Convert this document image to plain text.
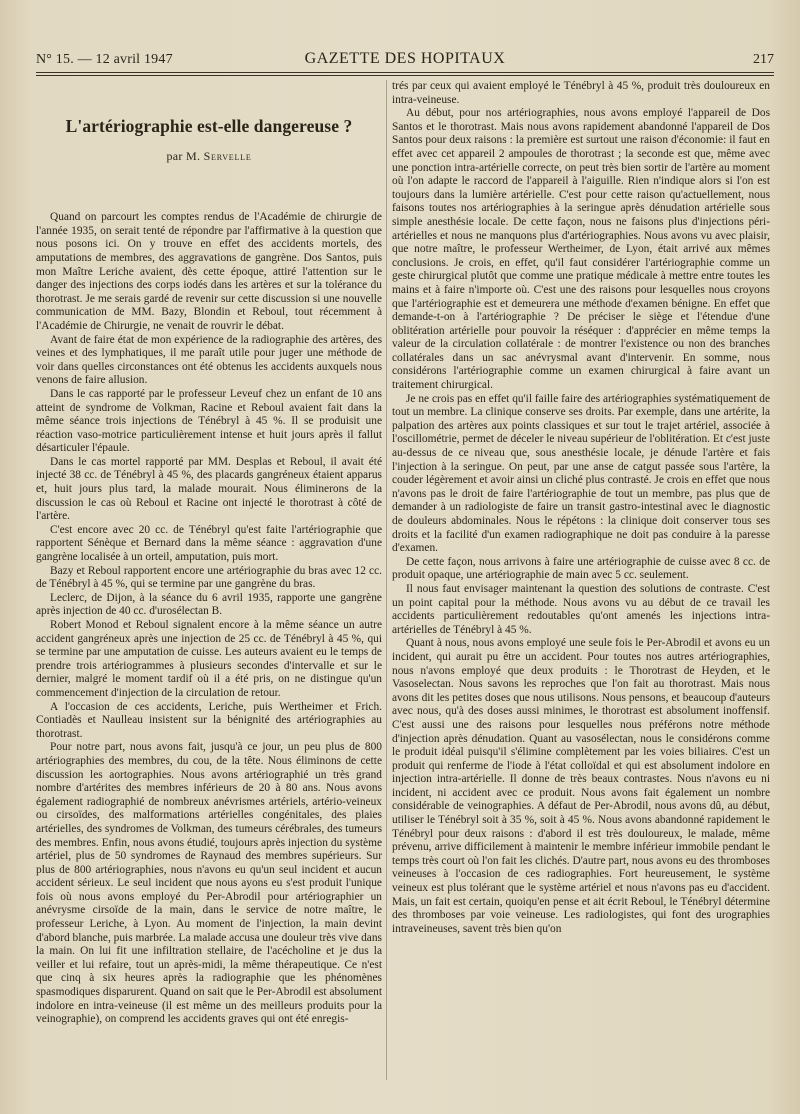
N° 15. — 12 avril 1947	GAZETTE DES HOPITAUX	217
L'artériographie est-elle dangereuse ?
par M. Servelle

Quand on parcourt les comptes rendus de l'Académie de chirurgie de l'année 1935, on serait tenté de répondre par l'affirmative à la question que nous posons ici. On y trouve en effet des accidents mortels, des amputations de membres, des aggravations de gangrène. Dos Santos, puis mon Maître Leriche avaient, dès cette époque, attiré l'attention sur le danger des injections des corps iodés dans les artères et sur la tolérance du thorotrast. Je me serais gardé de revenir sur cette discussion si une nouvelle communication de MM. Bazy, Blondin et Reboul, tout récemment à l'Académie de Chirurgie, ne venait de rouvrir le débat.

Avant de faire état de mon expérience de la radiographie des artères, des veines et des lymphatiques, il me paraît utile pour juger une méthode de voir dans quelles circonstances ont été obtenus les accidents auxquels nous venons de faire allusion.

Dans le cas rapporté par le professeur Leveuf chez un enfant de 10 ans atteint de syndrome de Volkman, Racine et Reboul avaient fait dans la même séance trois injections de Ténébryl à 45 %. Il se produisit une réaction vaso-motrice particulièrement intense et huit jours après il fallut désarticuler l'épaule.

Dans le cas mortel rapporté par MM. Desplas et Reboul, il avait été injecté 38 cc. de Ténébryl à 45 %, des placards gangréneux étaient apparus et, huit jours plus tard, la malade mourait. Nous éliminerons de la discussion le cas où Reboul et Racine ont injecté le thorotrast à côté de l'artère.

C'est encore avec 20 cc. de Ténébryl qu'est faite l'artériographie que rapportent Sénèque et Bernard dans la même séance : aggravation d'une gangrène localisée à un orteil, amputation, puis mort.

Bazy et Reboul rapportent encore une artériographie du bras avec 12 cc. de Ténébryl à 45 %, qui se termine par une gangrène du bras.

Leclerc, de Dijon, à la séance du 6 avril 1935, rapporte une gangrène après injection de 40 cc. d'urosélectan B.

Robert Monod et Reboul signalent encore à la même séance un autre accident gangréneux après une injection de 25 cc. de Ténébryl à 45 %, qui se termine par une amputation de cuisse. Les auteurs avaient eu le temps de prendre trois artériogrammes à plusieurs secondes d'intervalle et sur le dernier, malgré le moment tardif où il a été pris, on ne distingue qu'un commencement d'injection de la circulation de retour.

A l'occasion de ces accidents, Leriche, puis Wertheimer et Frich. Contiadès et Naulleau insistent sur la bénignité des artériographies au thorotrast.

Pour notre part, nous avons fait, jusqu'à ce jour, un peu plus de 800 artériographies des membres, du cou, de la tête. Nous éliminons de cette discussion les aortographies. Nous avons artériographié un très grand nombre d'artérites des membres inférieurs de 20 à 80 ans. Nous avons également radiographié de nombreux anévrismes artériels, artério-veineux ou cirsoïdes, des malformations artérielles congénitales, des plaies artérielles, des syndromes de Volkman, des tumeurs cérébrales, des tumeurs des membres. Enfin, nous avons étudié, toujours après injection du système artériel, plus de 50 syndromes de Raynaud des membres supérieurs. Sur plus de 800 artériographies, nous n'avons eu qu'un seul incident et aucun accident sérieux. Le seul incident que nous ayons eu s'est produit l'unique fois où nous avons employé du Per-Abrodil pour artériographier un anévrysme cirsoïde de la main, dans le service de notre maître, le professeur Leriche, à Lyon. Au moment de l'injection, la main devint d'abord blanche, puis marbrée. La malade accusa une douleur très vive dans la main. On lui fit une infiltration stellaire, de l'acécholine et je dus la veiller et lui refaire, tout un après-midi, la même thérapeutique. Ce n'est que cinq à six heures après la radiographie que les phénomènes spasmodiques disparurent. Quand on sait que le Per-Abrodil est absolument indolore en intra-veineuse (il est même un des meilleurs produits pour la veinographie), on comprend les accidents graves qui ont été enregis-

trés par ceux qui avaient employé le Ténébryl à 45 %, produit très douloureux en intra-veineuse.

Au début, pour nos artériographies, nous avons employé l'appareil de Dos Santos et le thorotrast. Mais nous avons rapidement abandonné l'appareil de Dos Santos pour deux raisons : la première est surtout une raison d'économie: il faut en effet avec cet appareil 2 ampoules de thorotrast ; la seconde est que, même avec une ponction intra-artérielle correcte, on peut très bien sortir de l'artère au moment où l'on adapte le raccord de l'appareil à l'aiguille. Rien n'indique alors si l'on est toujours dans la lumière artérielle. C'est pour cette raison qu'actuellement, nous faisons toutes nos artériographies à la seringue après dénudation artérielle sous simple anesthésie locale. De cette façon, nous ne faisons plus d'injections péri-artérielles et nous ne manquons plus d'artériographies. Nous avons vu avec plaisir, que notre maître, le professeur Wertheimer, de Lyon, était arrivé aux mêmes conclusions. Je crois, en effet, qu'il faut considérer l'artériographie comme un geste chirurgical plutôt que comme une pratique médicale à mettre entre toutes les mains et à faire n'importe où. C'est une des raisons pour lesquelles nous croyons que l'artériographie est et demeurera une méthode d'examen bénigne. En effet que demande-t-on à l'artériographie ? De préciser le siège et l'étendue d'une oblitération artérielle pour pouvoir la réséquer : d'apprécier en même temps la valeur de la circulation collatérale : de montrer l'existence ou non des branches collatérales dans un sac anévrysmal avant d'intervenir. En somme, nous considérons l'artériographie comme un examen chirurgical à faire avant un traitement chirurgical.

Je ne crois pas en effet qu'il faille faire des artériographies systématiquement de tout un membre. La clinique conserve ses droits. Par exemple, dans une artérite, la palpation des artères aux points classiques et sur tout le trajet artériel, associée à l'oscillométrie, permet de déceler le niveau supérieur de l'oblitération. Et c'est juste au-dessus de ce niveau que, sous anesthésie locale, je dénude l'artère et fais l'injection à la seringue. On peut, par une anse de catgut passée sous l'artère, la couder légèrement et avoir ainsi un cliché plus contrasté. Je crois en effet que nous n'avons pas le droit de faire l'artériographie de tout un membre, pas plus que de demander à un radiologiste de faire un transit gastro-intestinal avec le diagnostic de douleurs abdominales. Nous le répétons : la clinique doit conserver tous ses droits et la facilité d'un examen radiographique ne doit pas conduire à la paresse d'examen.

De cette façon, nous arrivons à faire une artériographie de cuisse avec 8 cc. de produit opaque, une artériographie de main avec 5 cc. seulement.

Il nous faut envisager maintenant la question des solutions de contraste. C'est un point capital pour la méthode. Nous avons vu au début de ce travail les accidents particulièrement redoutables qu'ont amenés les injections intra-artérielles de Ténébryl à 45 %.

Quant à nous, nous avons employé une seule fois le Per-Abrodil et avons eu un incident, qui aurait pu être un accident. Pour toutes nos autres artériographies, nous n'avons employé que deux produits : le Thorotrast de Heyden, et le Vasoselectan. Nous savons les reproches que l'on fait au thorotrast. Mais nous avons dit les petites doses que nous utilisons. Nous pensons, et beaucoup d'auteurs avec nous, qu'à des doses aussi minimes, le thorotrast est absolument inoffensif. C'est aussi une des raisons pour lesquelles nous préférons notre méthode d'injection après dénudation. Quant au vasosélectan, nous le considérons comme le produit idéal puisqu'il s'élimine complètement par les voies biliaires. C'est un produit qui renferme de l'iode à l'état colloïdal et qui est absolument indolore en injection intra-artérielle. Il donne de très beaux contrastes. Nous n'avons eu ni incident, ni accident avec ce produit. Nous avons fait également un nombre considérable de veinographies. A défaut de Per-Abrodil, nous avons dû, au début, utiliser le Ténébryl soit à 35 %, soit à 45 %. Nous avons abandonné rapidement le Ténébryl pour deux raisons : d'abord il est très douloureux, le malade, même prévenu, arrive difficilement à maintenir le membre inférieur immobile pendant le temps très court où l'on fait les clichés. D'autre part, nous avons eu des thromboses veineuses à l'occasion de ces radiographies. Fort heureusement, le système veineux est plus tolérant que le système artériel et nous n'avons pas eu d'accident. Mais, un fait est certain, quoiqu'en pense et ait écrit Reboul, le Ténébryl détermine des thromboses par voie veineuse. Les radiologistes, qui font des urographies intraveineuses, savent très bien qu'on
